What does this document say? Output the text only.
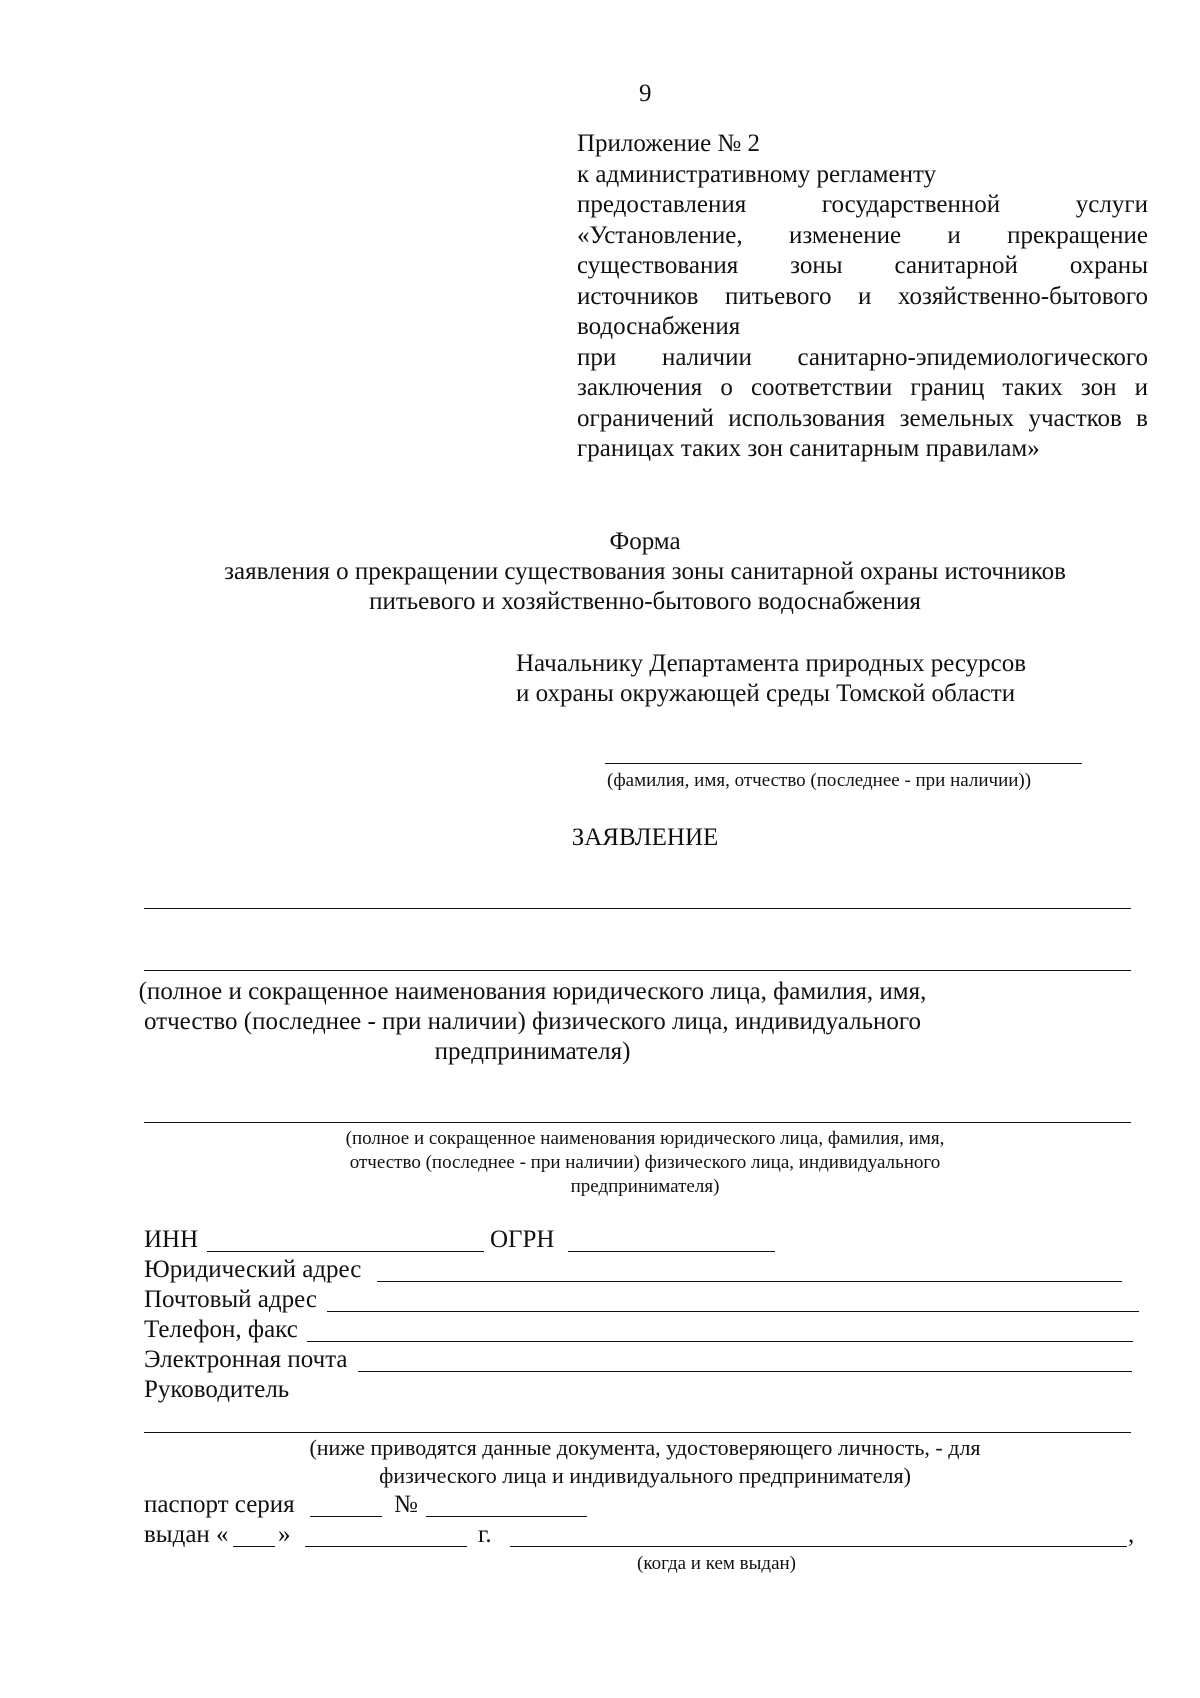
9
Приложение № 2
к административному регламенту
предоставления государственной услуги
«Установление, изменение и прекращение
существования зоны санитарной охраны
источников питьевого и хозяйственно-бытового
водоснабжения
при наличии санитарно-эпидемиологического
заключения о соответствии границ таких зон и
ограничений использования земельных участков в
границах таких зон санитарным правилам»
Форма
заявления о прекращении существования зоны санитарной охраны источников
питьевого и хозяйственно-бытового водоснабжения
Начальнику Департамента природных ресурсов
и охраны окружающей среды Томской области
(фамилия, имя, отчество (последнее - при наличии))
ЗАЯВЛЕНИЕ
(полное и сокращенное наименования юридического лица, фамилия, имя,
отчество (последнее - при наличии) физического лица, индивидуального
предпринимателя)
(полное и сокращенное наименования юридического лица, фамилия, имя,
отчество (последнее - при наличии) физического лица, индивидуального
предпринимателя)
ИНН	ОГРН
Юридический адрес
Почтовый адрес
Телефон, факс
Электронная почта
Руководитель
(ниже приводятся данные документа, удостоверяющего личность, - для
физического лица и индивидуального предпринимателя)
паспорт серия	№
выдан « »	г.	,
(когда и кем выдан)
